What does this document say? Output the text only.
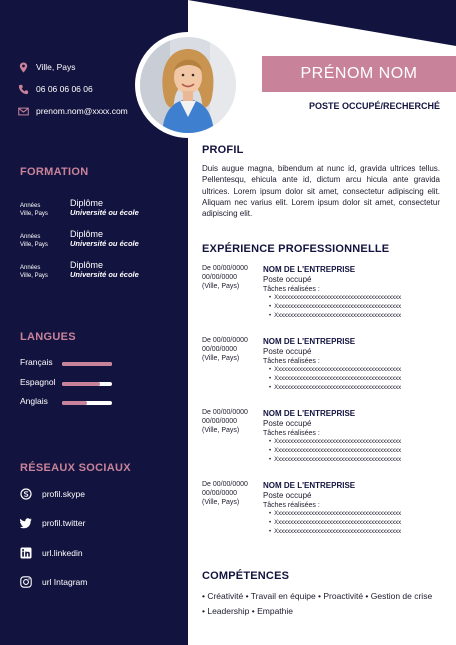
Ville, Pays
06 06 06 06 06
prenom.nom@xxxx.com
FORMATION
Années
Ville, Pays
Diplôme
Université ou école
Années
Ville, Pays
Diplôme
Université ou école
Années
Ville, Pays
Diplôme
Université ou école
LANGUES
Français
Espagnol
Anglais
RÉSEAUX SOCIAUX
profil.skype
profil.twitter
url.linkedin
url Intagram
PRÉNOM NOM
POSTE OCCUPÉ/RECHERCHÉ
PROFIL
Duis augue magna, bibendum at nunc id, gravida ultrices tellus. Pellentesqu, ehicula ante id, dictum arcu hicula ante gravida ultrices. Lorem ipsum dolor sit amet, consectetur adipiscing elit. Aliquam nec varius elit. Lorem ipsum dolor sit amet, consectetur adipiscing elit.
EXPÉRIENCE PROFESSIONNELLE
De 00/00/0000
00/00/0000
(Ville, Pays)
NOM DE L'ENTREPRISE
Poste occupé
Tâches réalisées :
• Xxxxxxxxxxxxxxxxxxxxxxxxxxxxxxxxxxxxxxxxxx
• Xxxxxxxxxxxxxxxxxxxxxxxxxxxxxxxxxxxxxxxxxx
• Xxxxxxxxxxxxxxxxxxxxxxxxxxxxxxxxxxxxxxxxxx
De 00/00/0000
00/00/0000
(Ville, Pays)
NOM DE L'ENTREPRISE
Poste occupé
Tâches réalisées :
• Xxxxxxxxxxxxxxxxxxxxxxxxxxxxxxxxxxxxxxxxxx
• Xxxxxxxxxxxxxxxxxxxxxxxxxxxxxxxxxxxxxxxxxx
• Xxxxxxxxxxxxxxxxxxxxxxxxxxxxxxxxxxxxxxxxxx
De 00/00/0000
00/00/0000
(Ville, Pays)
NOM DE L'ENTREPRISE
Poste occupé
Tâches réalisées :
• Xxxxxxxxxxxxxxxxxxxxxxxxxxxxxxxxxxxxxxxxxx
• Xxxxxxxxxxxxxxxxxxxxxxxxxxxxxxxxxxxxxxxxxx
• Xxxxxxxxxxxxxxxxxxxxxxxxxxxxxxxxxxxxxxxxxx
De 00/00/0000
00/00/0000
(Ville, Pays)
NOM DE L'ENTREPRISE
Poste occupé
Tâches réalisées :
• Xxxxxxxxxxxxxxxxxxxxxxxxxxxxxxxxxxxxxxxxxx
• Xxxxxxxxxxxxxxxxxxxxxxxxxxxxxxxxxxxxxxxxxx
• Xxxxxxxxxxxxxxxxxxxxxxxxxxxxxxxxxxxxxxxxxx
COMPÉTENCES
• Créativité • Travail en équipe • Proactivité • Gestion de crise
• Leadership • Empathie
